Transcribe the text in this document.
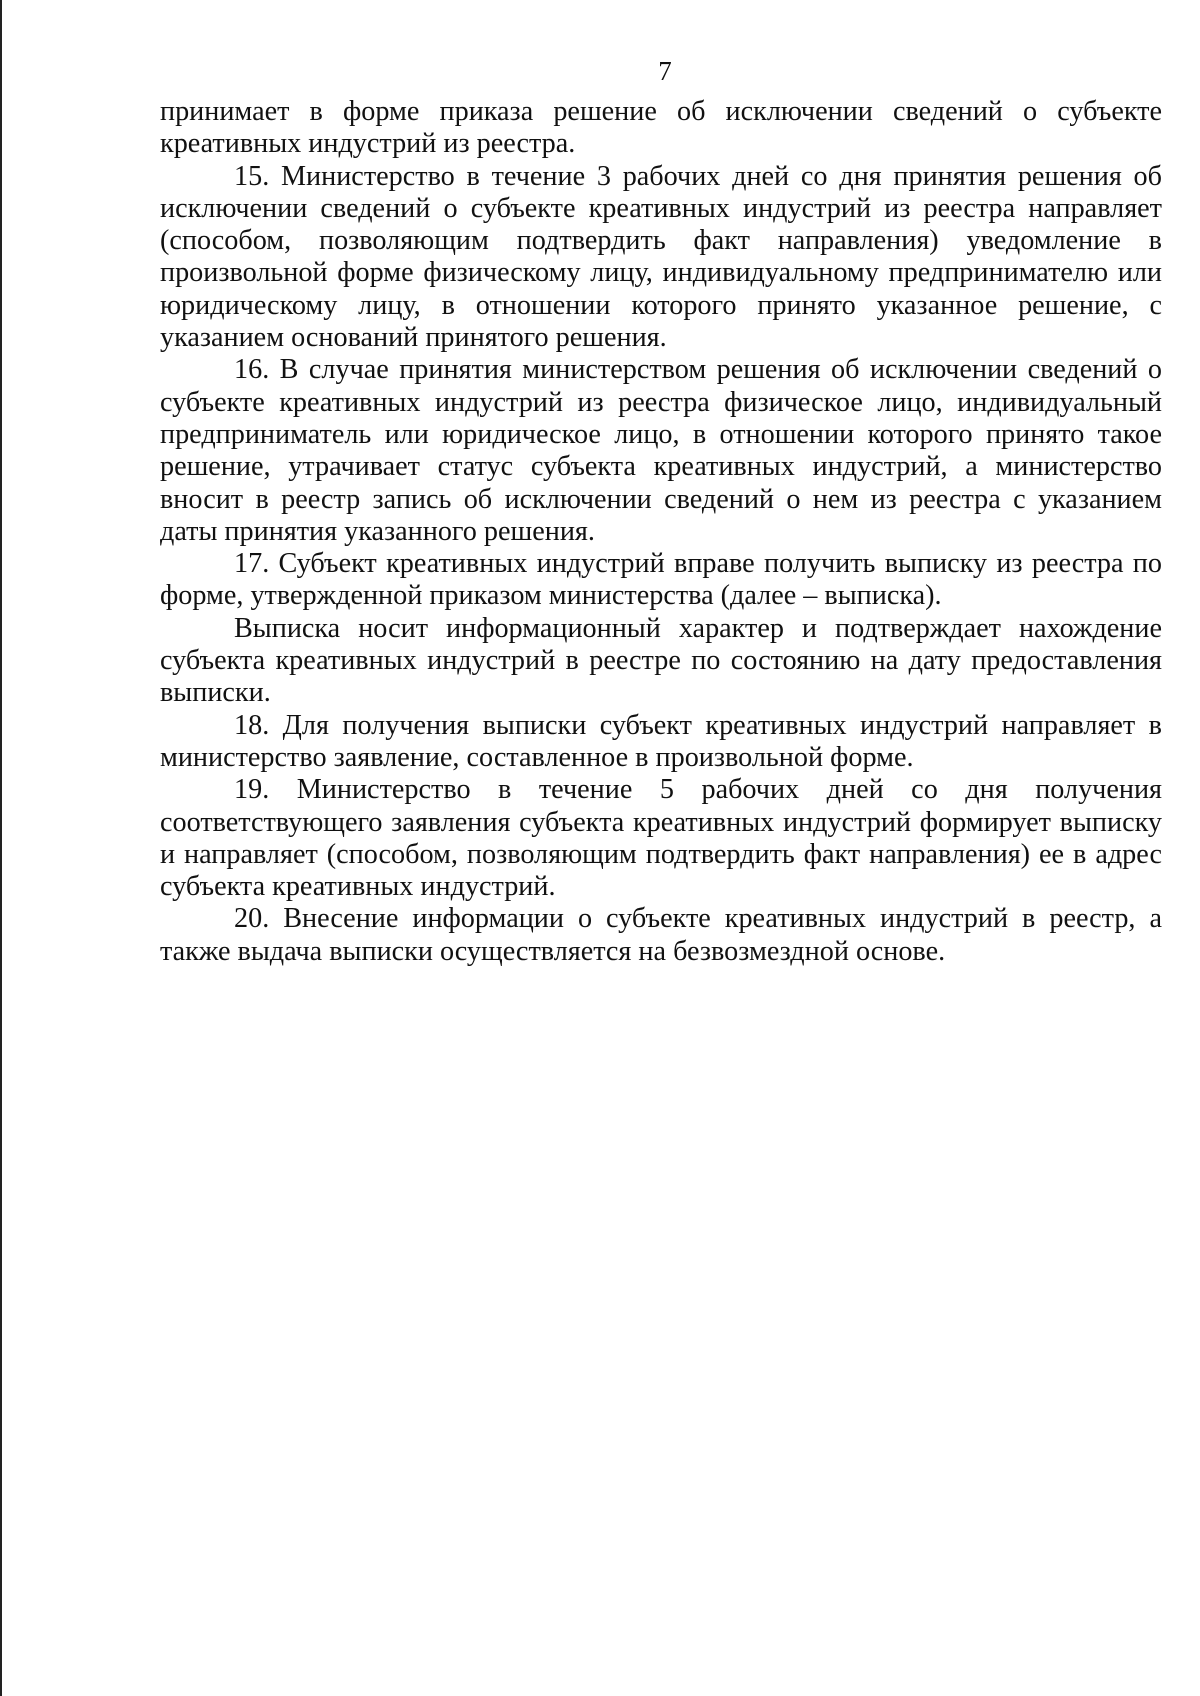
7

принимает в форме приказа решение об исключении сведений о субъекте креативных индустрий из реестра.

15. Министерство в течение 3 рабочих дней со дня принятия решения об исключении сведений о субъекте креативных индустрий из реестра направляет (способом, позволяющим подтвердить факт направления) уведомление в произвольной форме физическому лицу, индивидуальному предпринимателю или юридическому лицу, в отношении которого принято указанное решение, с указанием оснований принятого решения.

16. В случае принятия министерством решения об исключении сведений о субъекте креативных индустрий из реестра физическое лицо, индивидуальный предприниматель или юридическое лицо, в отношении которого принято такое решение, утрачивает статус субъекта креативных индустрий, а министерство вносит в реестр запись об исключении сведений о нем из реестра с указанием даты принятия указанного решения.

17. Субъект креативных индустрий вправе получить выписку из реестра по форме, утвержденной приказом министерства (далее – выписка).

Выписка носит информационный характер и подтверждает нахождение субъекта креативных индустрий в реестре по состоянию на дату предоставления выписки.

18. Для получения выписки субъект креативных индустрий направляет в министерство заявление, составленное в произвольной форме.

19. Министерство в течение 5 рабочих дней со дня получения соответствующего заявления субъекта креативных индустрий формирует выписку и направляет (способом, позволяющим подтвердить факт направления) ее в адрес субъекта креативных индустрий.

20. Внесение информации о субъекте креативных индустрий в реестр, а также выдача выписки осуществляется на безвозмездной основе.
